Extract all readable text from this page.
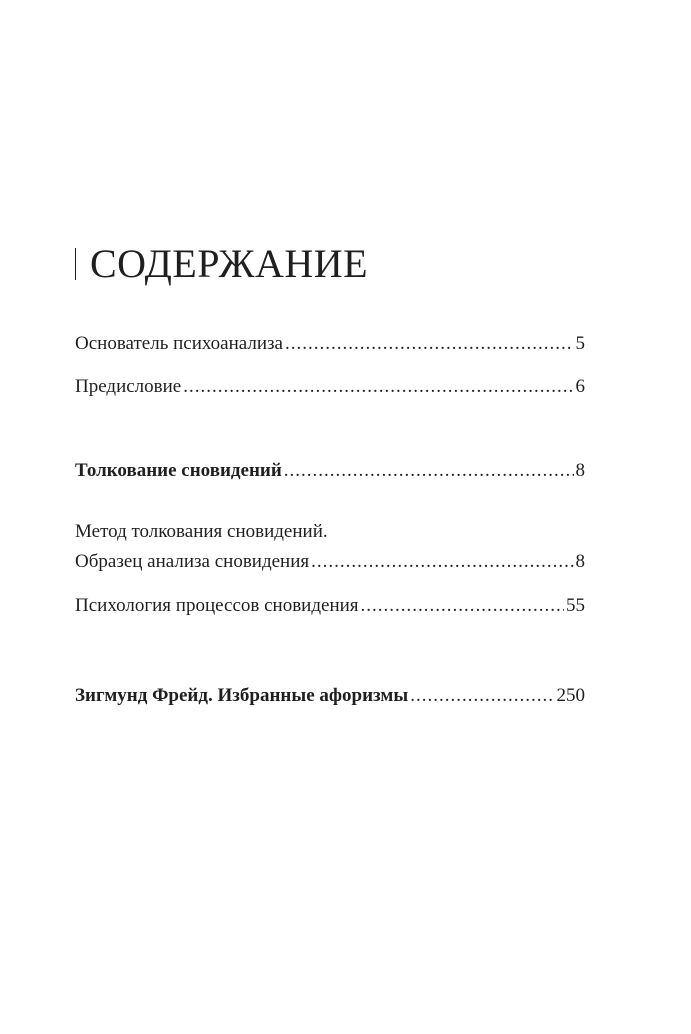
СОДЕРЖАНИЕ
Основатель психоанализа .....	5
Предисловие .....	6
Толкование сновидений .....	8
Метод толкования сновидений.
Образец анализа сновидения .....	8
Психология процессов сновидения .....	55
Зигмунд Фрейд. Избранные афоризмы .....	250
